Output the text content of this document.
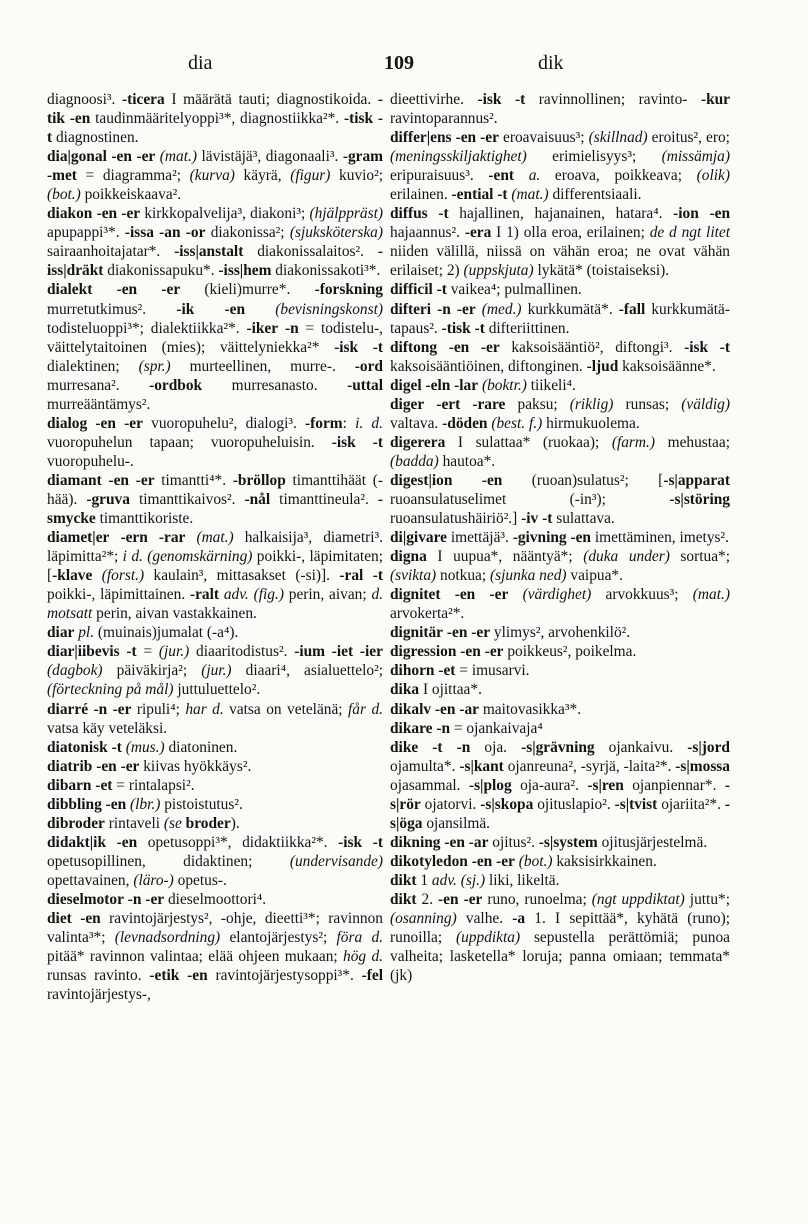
dia	109	dik

diagnoosi³. -ticera I määrätä tauti; diagnostikoida. -tik -en taudinmääritelyoppi³*, diagnostiikka²*. -tisk -t diagnostinen.

dia|gonal -en -er (mat.) lävistäjä³, diagonaali³. -gram -met = diagramma²; (kurva) käyrä, (figur) kuvio²; (bot.) poikkeiskaava².

diakon -en -er kirkkopalvelija³, diakoni³; (hjälppräst) apupappi³*. -issa -an -or diakonissa²; (sjuksköterska) sairaanhoitajatar*. -iss|anstalt diakonissalaitos². -iss|dräkt diakonissapuku*. -iss|hem diakonissakoti³*.

dialekt -en -er (kieli)murre*. -forskning murretutkimus². -ik -en (bevisningskonst) todisteluoppi³*; dialektiikka²*. -iker -n = todistelu-, väittelytaitoinen (mies); väittelyniekka²* -isk -t dialektinen; (spr.) murteellinen, murre-. -ord murresana². -ordbok murresanasto. -uttal murreääntämys².

dialog -en -er vuoropuhelu², dialogi³. -form: i. d. vuoropuhelun tapaan; vuoropuheluisin. -isk -t vuoropuhelu-.

diamant -en -er timantti⁴*. -bröllop timanttihäät (-hää). -gruva timanttikaivos². -nål timanttineula². -smycke timanttikoriste.

diamet|er -ern -rar (mat.) halkaisija³, diametri³. läpimitta²*; i d. (genomskärning) poikki-, läpimitaten; [-klave (forst.) kaulain³, mittasakset (-si)]. -ral -t poikki-, läpimittainen. -ralt adv. (fig.) perin, aivan; d. motsatt perin, aivan vastakkainen.

diar pl. (muinais)jumalat (-a⁴).

diar|iibevis -t = (jur.) diaaritodistus². -ium -iet -ier (dagbok) päiväkirja²; (jur.) diaari⁴, asialuettelo²; (förteckning på mål) juttuluettelo².

diarré -n -er ripuli⁴; har d. vatsa on vetelänä; får d. vatsa käy veteläksi.

diatonisk -t (mus.) diatoninen.

diatrib -en -er kiivas hyökkäys².

dibarn -et = rintalapsi².

dibbling -en (lbr.) pistoistutus².

dibroder rintaveli (se broder).

didakt|ik -en opetusoppi³*, didaktiikka²*. -isk -t opetusopillinen, didaktinen; (undervisande) opettavainen, (läro-) opetus-.

dieselmotor -n -er dieselmoottori⁴.

diet -en ravintojärjestys², -ohje, dieetti³*; ravinnon valinta³*; (levnadsordning) elantojärjestys²; föra d. pitää* ravinnon valintaa; elää ohjeen mukaan; hög d. runsas ravinto. -etik -en ravintojärjestysoppi³*. -fel ravintojärjestys-,

dieettivirhe. -isk -t ravinnollinen; ravinto- -kur ravintoparannus².

differ|ens -en -er eroavaisuus³; (skillnad) eroitus², ero; (meningsskiljaktighet) erimielisyys³; (missämja) eripuraisuus³. -ent a. eroava, poikkeava; (olik) erilainen. -ential -t (mat.) differentsiaali.

diffus -t hajallinen, hajanainen, hatara⁴. -ion -en hajaannus². -era I 1) olla eroa, erilainen; de d ngt litet niiden välillä, niissä on vähän eroa; ne ovat vähän erilaiset; 2) (uppskjuta) lykätä* (toistaiseksi).

difficil -t vaikea⁴; pulmallinen.

difteri -n -er (med.) kurkkumätä*. -fall kurkkumätä-tapaus². -tisk -t difteriittinen.

diftong -en -er kaksoisääntiö², diftongi³. -isk -t kaksoisääntiöinen, diftonginen. -ljud kaksoisäänne*.

digel -eln -lar (boktr.) tiikeli⁴.

diger -ert -rare paksu; (riklig) runsas; (väldig) valtava. -döden (best. f.) hirmukuolema.

digerera I sulattaa* (ruokaa); (farm.) mehustaa; (badda) hautoa*.

digest|ion -en (ruoan)sulatus²; [-s|apparat ruoansulatuselimet (-in³); -s|störing ruoansulatushäiriö².] -iv -t sulattava.

di|givare imettäjä³. -givning -en imettäminen, imetys².

digna I uupua*, nääntyä*; (duka under) sortua*; (svikta) notkua; (sjunka ned) vaipua*.

dignitet -en -er (värdighet) arvokkuus³; (mat.) arvokerta²*.

dignitär -en -er ylimys², arvohenkilö².

digression -en -er poikkeus², poikelma.

dihorn -et = imusarvi.

dika I ojittaa*.

dikalv -en -ar maitovasikka³*.

dikare -n = ojankaivaja⁴

dike -t -n oja. -s|grävning ojankaivu. -s|jord ojamulta*. -s|kant ojanreuna², -syrjä, -laita²*. -s|mossa ojasammal. -s|plog oja-aura². -s|ren ojanpiennar*. -s|rör ojatorvi. -s|skopa ojituslapio². -s|tvist ojariita²*. -s|öga ojansilmä.

dikning -en -ar ojitus². -s|system ojitusjärjestelmä.

dikotyledon -en -er (bot.) kaksisirkkainen.

dikt 1 adv. (sj.) liki, likeltä.

dikt 2. -en -er runo, runoelma; (ngt uppdiktat) juttu*; (osanning) valhe. -a 1. I sepittää*, kyhätä (runo); runoilla; (uppdikta) sepustella perättömiä; punoa valheita; lasketella* loruja; panna omiaan; temmata* (jk)
